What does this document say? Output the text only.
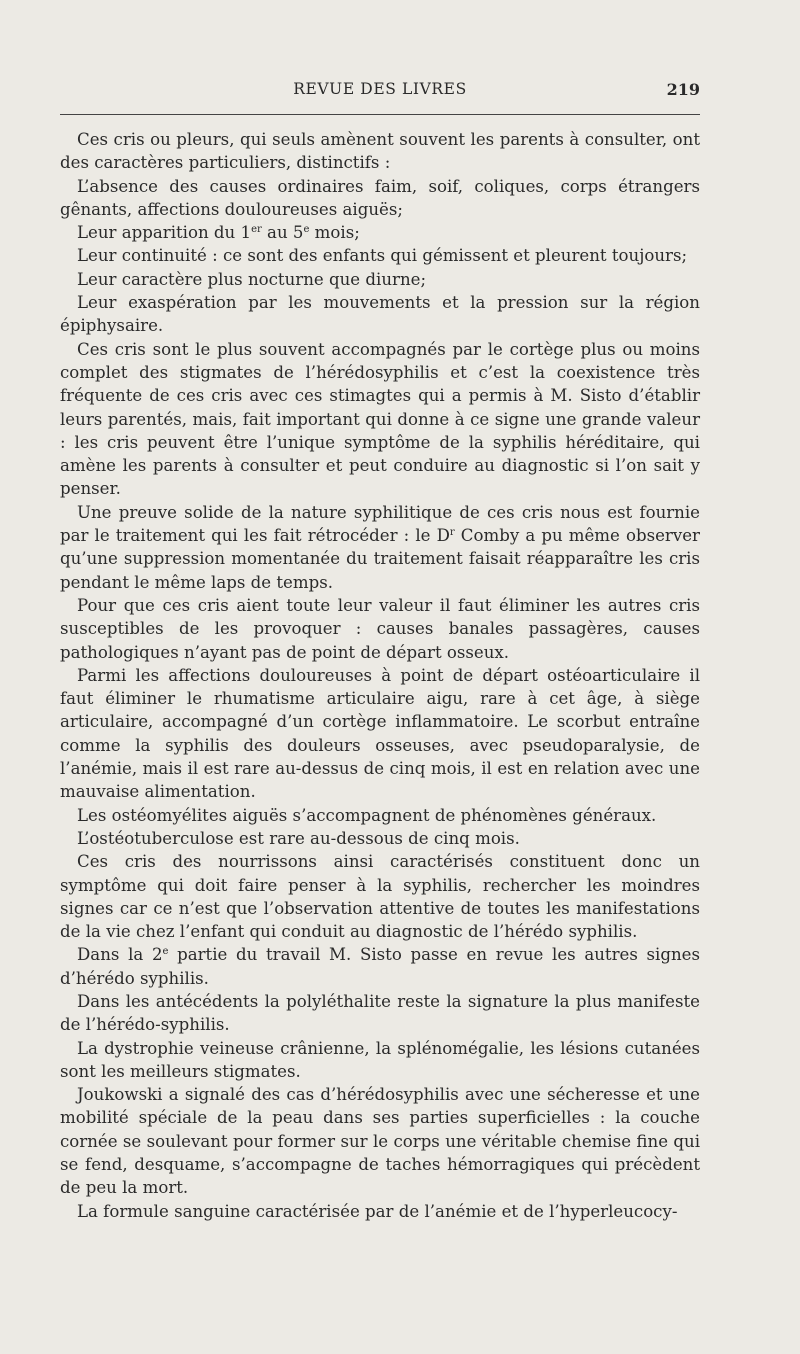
REVUE DES LIVRES	219

Ces cris ou pleurs, qui seuls amènent souvent les parents à consulter, ont des caractères particuliers, distinctifs :

L’absence des causes ordinaires faim, soif, coliques, corps étrangers gênants, affections douloureuses aiguës;

Leur apparition du 1er au 5e mois;

Leur continuité : ce sont des enfants qui gémissent et pleurent toujours;

Leur caractère plus nocturne que diurne;

Leur exaspération par les mouvements et la pression sur la région épiphysaire.

Ces cris sont le plus souvent accompagnés par le cortège plus ou moins complet des stigmates de l’hérédosyphilis et c’est la coexistence très fréquente de ces cris avec ces stimagtes qui a permis à M. Sisto d’établir leurs parentés, mais, fait important qui donne à ce signe une grande valeur : les cris peuvent être l’unique symptôme de la syphilis héréditaire, qui amène les parents à consulter et peut conduire au diagnostic si l’on sait y penser.

Une preuve solide de la nature syphilitique de ces cris nous est fournie par le traitement qui les fait rétrocéder : le $D^r$ Comby a pu même observer qu’une suppression momentanée du traitement faisait réapparaître les cris pendant le même laps de temps.

Pour que ces cris aient toute leur valeur il faut éliminer les autres cris susceptibles de les provoquer : causes banales passagères, causes pathologiques n’ayant pas de point de départ osseux.

Parmi les affections douloureuses à point de départ ostéoarticulaire il faut éliminer le rhumatisme articulaire aigu, rare à cet âge, à siège articulaire, accompagné d’un cortège inflammatoire. Le scorbut entraîne comme la syphilis des douleurs osseuses, avec pseudoparalysie, de l’anémie, mais il est rare au-dessus de cinq mois, il est en relation avec une mauvaise alimentation.

Les ostéomyélites aiguës s’accompagnent de phénomènes généraux.

L’ostéotuberculose est rare au-dessous de cinq mois.

Ces cris des nourrissons ainsi caractérisés constituent donc un symptôme qui doit faire penser à la syphilis, rechercher les moindres signes car ce n’est que l’observation attentive de toutes les manifestations de la vie chez l’enfant qui conduit au diagnostic de l’hérédo syphilis.

Dans la 2e partie du travail M. Sisto passe en revue les autres signes d’hérédo syphilis.

Dans les antécédents la polyléthalite reste la signature la plus manifeste de l’hérédo-syphilis.

La dystrophie veineuse crânienne, la splénomégalie, les lésions cutanées sont les meilleurs stigmates.

Joukowski a signalé des cas d’hérédosyphilis avec une sécheresse et une mobilité spéciale de la peau dans ses parties superficielles : la couche cornée se soulevant pour former sur le corps une véritable chemise fine qui se fend, desquame, s’accompagne de taches hémorragiques qui précèdent de peu la mort.

La formule sanguine caractérisée par de l’anémie et de l’hyperleucocy-
